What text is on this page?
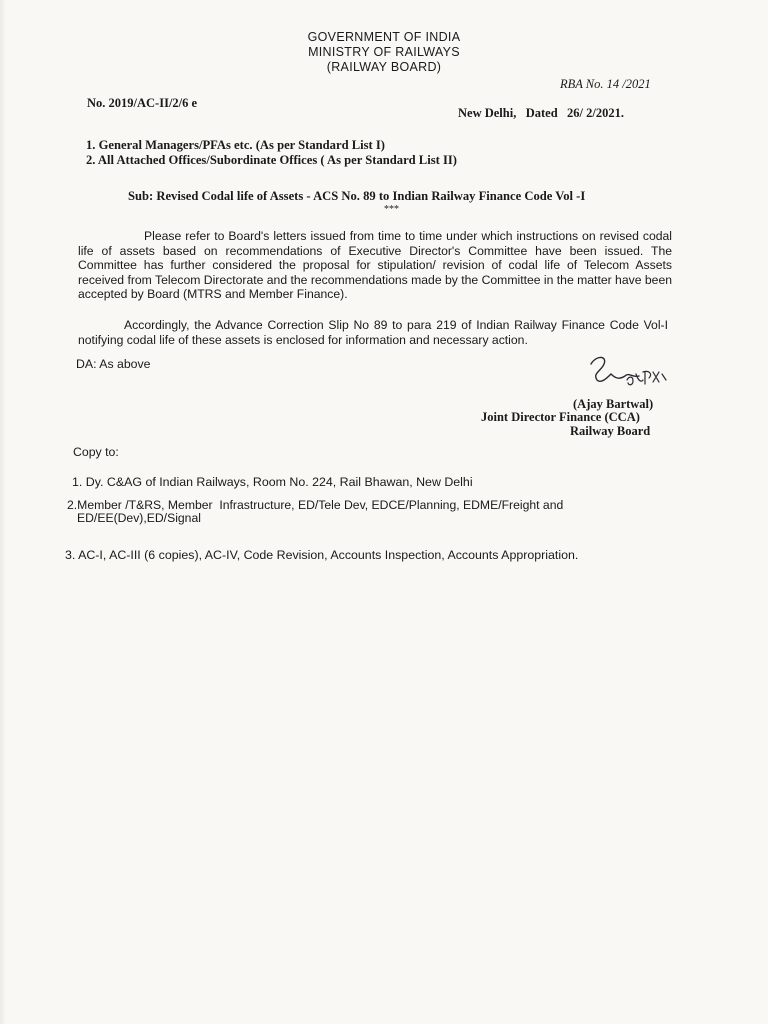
GOVERNMENT OF INDIA
MINISTRY OF RAILWAYS
(RAILWAY BOARD)
RBA No. 14 /2021
No. 2019/AC-II/2/6 e
New Delhi,   Dated   26/ 2/2021.
1. General Managers/PFAs etc. (As per Standard List I)
2. All Attached Offices/Subordinate Offices ( As per Standard List II)
Sub: Revised Codal life of Assets - ACS No. 89 to Indian Railway Finance Code Vol -I
***
Please refer to Board's letters issued from time to time under which instructions on revised codal life of assets based on recommendations of Executive Director's Committee have been issued. The Committee has further considered the proposal for stipulation/ revision of codal life of Telecom Assets received from Telecom Directorate and the recommendations made by the Committee in the matter have been accepted by Board (MTRS and Member Finance).
Accordingly, the Advance Correction Slip No 89 to para 219 of Indian Railway Finance Code Vol-I notifying codal life of these assets is enclosed for information and necessary action.
DA: As above
(Ajay Bartwal)
Joint Director Finance (CCA)
Railway Board
Copy to:
1. Dy. C&AG of Indian Railways, Room No. 224, Rail Bhawan, New Delhi
2.Member /T&RS, Member  Infrastructure, ED/Tele Dev, EDCE/Planning, EDME/Freight and
ED/EE(Dev),ED/Signal
3. AC-I, AC-III (6 copies), AC-IV, Code Revision, Accounts Inspection, Accounts Appropriation.
